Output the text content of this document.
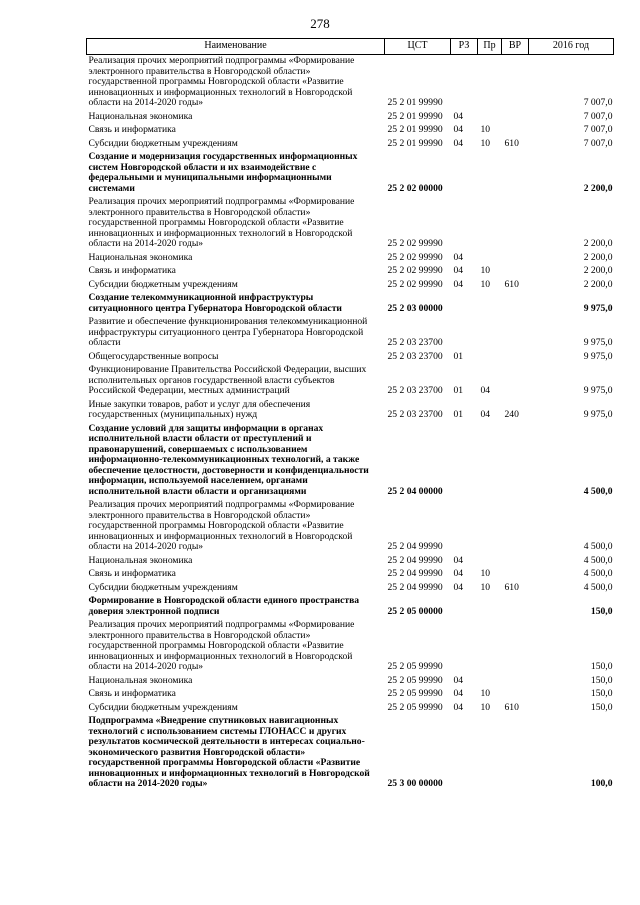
278
Наименование	ЦСТ	РЗ	Пр	ВР	2016 год
Реализация прочих мероприятий подпрограммы «Формирование электронного правительства в Новгородской области» государственной программы Новгородской области «Развитие инновационных и информационных технологий в Новгородской области на 2014-2020 годы»	25 2 01 99990				7 007,0
Национальная экономика	25 2 01 99990	04			7 007,0
Связь и информатика	25 2 01 99990	04	10		7 007,0
Субсидии бюджетным учреждениям	25 2 01 99990	04	10	610	7 007,0
Создание и модернизация государственных информационных систем Новгородской области и их взаимодействие с федеральными и муниципальными информационными системами	25 2 02 00000				2 200,0
Реализация прочих мероприятий подпрограммы «Формирование электронного правительства в Новгородской области» государственной программы Новгородской области «Развитие инновационных и информационных технологий в Новгородской области на 2014-2020 годы»	25 2 02 99990				2 200,0
Национальная экономика	25 2 02 99990	04			2 200,0
Связь и информатика	25 2 02 99990	04	10		2 200,0
Субсидии бюджетным учреждениям	25 2 02 99990	04	10	610	2 200,0
Создание телекоммуникационной инфраструктуры ситуационного центра Губернатора Новгородской области	25 2 03 00000				9 975,0
Развитие и обеспечение функционирования телекоммуникационной инфраструктуры ситуационного центра Губернатора Новгородской области	25 2 03 23700				9 975,0
Общегосударственные вопросы	25 2 03 23700	01			9 975,0
Функционирование Правительства Российской Федерации, высших исполнительных органов государственной власти субъектов Российской Федерации, местных администраций	25 2 03 23700	01	04		9 975,0
Иные закупки товаров, работ и услуг для обеспечения государственных (муниципальных) нужд	25 2 03 23700	01	04	240	9 975,0
Создание условий для защиты информации в органах исполнительной власти области от преступлений и правонарушений, совершаемых с использованием информационно-телекоммуникационных технологий, а также обеспечение целостности, достоверности и конфиденциальности информации, используемой населением, органами исполнительной власти области и организациями	25 2 04 00000				4 500,0
Реализация прочих мероприятий подпрограммы «Формирование электронного правительства в Новгородской области» государственной программы Новгородской области «Развитие инновационных и информационных технологий в Новгородской области на 2014-2020 годы»	25 2 04 99990				4 500,0
Национальная экономика	25 2 04 99990	04			4 500,0
Связь и информатика	25 2 04 99990	04	10		4 500,0
Субсидии бюджетным учреждениям	25 2 04 99990	04	10	610	4 500,0
Формирование в Новгородской области единого пространства доверия электронной подписи	25 2 05 00000				150,0
Реализация прочих мероприятий подпрограммы «Формирование электронного правительства в Новгородской области» государственной программы Новгородской области «Развитие инновационных и информационных технологий в Новгородской области на 2014-2020 годы»	25 2 05 99990				150,0
Национальная экономика	25 2 05 99990	04			150,0
Связь и информатика	25 2 05 99990	04	10		150,0
Субсидии бюджетным учреждениям	25 2 05 99990	04	10	610	150,0
Подпрограмма «Внедрение спутниковых навигационных технологий с использованием системы ГЛОНАСС и других результатов космической деятельности в интересах социально-экономического развития Новгородской области» государственной программы Новгородской области «Развитие инновационных и информационных технологий в Новгородской области на 2014-2020 годы»	25 3 00 00000				100,0
